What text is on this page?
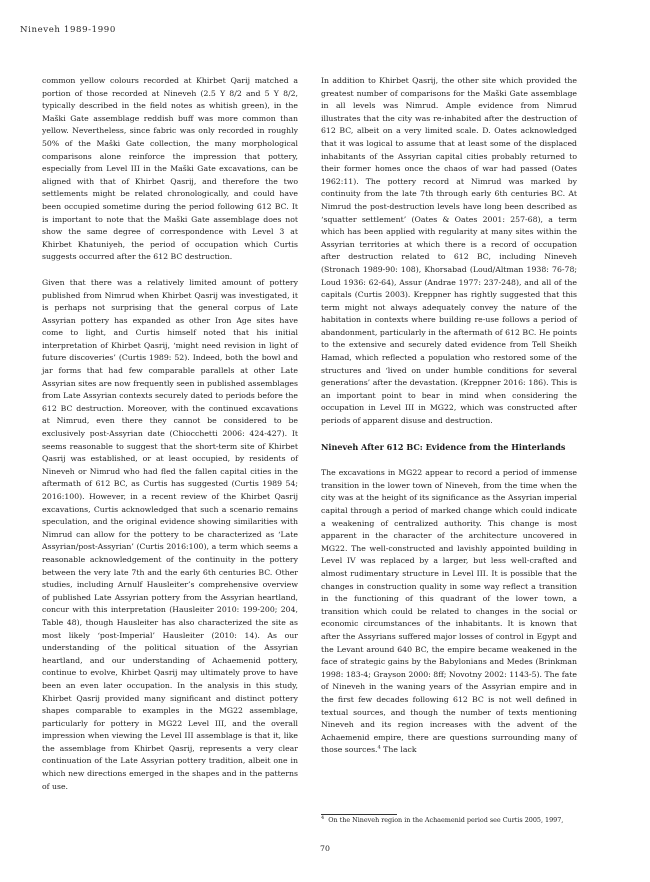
Nineveh 1989-1990

common yellow colours recorded at Khirbet Qarij matched a portion of those recorded at Nineveh (2.5 Y 8/2 and 5 Y 8/2, typically described in the field notes as whitish green), in the Maški Gate assemblage reddish buff was more common than yellow. Nevertheless, since fabric was only recorded in roughly 50% of the Maški Gate collection, the many morphological comparisons alone reinforce the impression that pottery, especially from Level III in the Maški Gate excavations, can be aligned with that of Khirbet Qasrij, and therefore the two settlements might be related chronologically, and could have been occupied sometime during the period following 612 BC. It is important to note that the Maški Gate assemblage does not show the same degree of correspondence with Level 3 at Khirbet Khatuniyeh, the period of occupation which Curtis suggests occurred after the 612 BC destruction.

Given that there was a relatively limited amount of pottery published from Nimrud when Khirbet Qasrij was investigated, it is perhaps not surprising that the general corpus of Late Assyrian pottery has expanded as other Iron Age sites have come to light, and Curtis himself noted that his initial interpretation of Khirbet Qasrij, ‘might need revision in light of future discoveries’ (Curtis 1989: 52). Indeed, both the bowl and jar forms that had few comparable parallels at other Late Assyrian sites are now frequently seen in published assemblages from Late Assyrian contexts securely dated to periods before the 612 BC destruction. Moreover, with the continued excavations at Nimrud, even there they cannot be considered to be exclusively post-Assyrian date (Chiocchetti 2006: 424-427). It seems reasonable to suggest that the short-term site of Khirbet Qasrij was established, or at least occupied, by residents of Nineveh or Nimrud who had fled the fallen capital cities in the aftermath of 612 BC, as Curtis has suggested (Curtis 1989 54; 2016:100). However, in a recent review of the Khirbet Qasrij excavations, Curtis acknowledged that such a scenario remains speculation, and the original evidence showing similarities with Nimrud can allow for the pottery to be characterized as ‘Late Assyrian/post-Assyrian’ (Curtis 2016:100), a term which seems a reasonable acknowledgement of the continuity in the pottery between the very late 7th and the early 6th centuries BC. Other studies, including Arnulf Hausleiter’s comprehensive overview of published Late Assyrian pottery from the Assyrian heartland, concur with this interpretation (Hausleiter 2010: 199-200; 204, Table 48), though Hausleiter has also characterized the site as most likely ‘post-Imperial’ Hausleiter (2010: 14). As our understanding of the political situation of the Assyrian heartland, and our understanding of Achaemenid pottery, continue to evolve, Khirbet Qasrij may ultimately prove to have been an even later occupation. In the analysis in this study, Khirbet Qasrij provided many significant and distinct pottery shapes comparable to examples in the MG22 assemblage, particularly for pottery in MG22 Level III, and the overall impression when viewing the Level III assemblage is that it, like the assemblage from Khirbet Qasrij, represents a very clear continuation of the Late Assyrian pottery tradition, albeit one in which new directions emerged in the shapes and in the patterns of use.

In addition to Khirbet Qasrij, the other site which provided the greatest number of comparisons for the Maški Gate assemblage in all levels was Nimrud. Ample evidence from Nimrud illustrates that the city was re-inhabited after the destruction of 612 BC, albeit on a very limited scale. D. Oates acknowledged that it was logical to assume that at least some of the displaced inhabitants of the Assyrian capital cities probably returned to their former homes once the chaos of war had passed (Oates 1962:11). The pottery record at Nimrud was marked by continuity from the late 7th through early 6th centuries BC. At Nimrud the post-destruction levels have long been described as ‘squatter settlement’ (Oates & Oates 2001: 257-68), a term which has been applied with regularity at many sites within the Assyrian territories at which there is a record of occupation after destruction related to 612 BC, including Nineveh (Stronach 1989-90: 108), Khorsabad (Loud/Altman 1938: 76-78; Loud 1936: 62-64), Assur (Andrae 1977: 237-248), and all of the capitals (Curtis 2003). Kreppner has rightly suggested that this term might not always adequately convey the nature of the habitation in contexts where building re-use follows a period of abandonment, particularly in the aftermath of 612 BC. He points to the extensive and securely dated evidence from Tell Sheikh Hamad, which reflected a population who restored some of the structures and ‘lived on under humble conditions for several generations’ after the devastation. (Kreppner 2016: 186). This is an important point to bear in mind when considering the occupation in Level III in MG22, which was constructed after periods of apparent disuse and destruction.

Nineveh After 612 BC: Evidence from the Hinterlands

The excavations in MG22 appear to record a period of immense transition in the lower town of Nineveh, from the time when the city was at the height of its significance as the Assyrian imperial capital through a period of marked change which could indicate a weakening of centralized authority. This change is most apparent in the character of the architecture uncovered in MG22. The well-constructed and lavishly appointed building in Level IV was replaced by a larger, but less well-crafted and almost rudimentary structure in Level III. It is possible that the changes in construction quality in some way reflect a transition in the functioning of this quadrant of the lower town, a transition which could be related to changes in the social or economic circumstances of the inhabitants. It is known that after the Assyrians suffered major losses of control in Egypt and the Levant around 640 BC, the empire became weakened in the face of strategic gains by the Babylonians and Medes (Brinkman 1998: 183-4; Grayson 2000: 8ff; Novotny 2002: 1143-5). The fate of Nineveh in the waning years of the Assyrian empire and in the first few decades following 612 BC is not well defined in textual sources, and though the number of texts mentioning Nineveh and its region increases with the advent of the Achaemenid empire, there are questions surrounding many of those sources.$^4$ The lack

$^4$ On the Nineveh region in the Achaemenid period see Curtis 2005, 1997,
70
